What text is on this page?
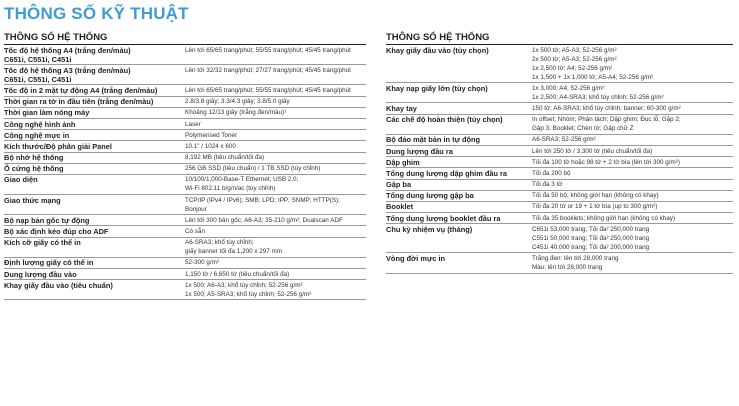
THÔNG SỐ KỸ THUẬT
THÔNG SỐ HỆ THỐNG
Tốc độ hệ thống A4 (trắng đen/màu)
C651i, C551i, C451i	Lên tới 65/65 trang/phút; 55/55 trang/phút; 45/45 trang/phút

Tốc độ hệ thống A3 (trắng đen/màu)
C651i, C551i, C451i	Lên tới 32/32 trang/phút; 27/27 trang/phút; 45/45 trang/phút

Tốc độ in 2 mặt tự động A4 (trắng đen/màu)	Lên tới 65/65 trang/phút; 55/55 trang/phút; 45/45 trang/phút

Thời gian ra tờ in đầu tiên (trắng đen/màu)	2.8/3.8 giây; 3.3/4.3 giây; 3.8/5.0 giây

Thời gian làm nóng máy	Khoảng 12/13 giây (trắng đen/màu)¹

Công nghệ hình ảnh	Laser

Công nghệ mực in	Polymerised Toner

Kích thước/Độ phân giải Panel	10.1" / 1024 x 600

Bộ nhớ hệ thống	8,192 MB (tiêu chuẩn/tối đa)

Ổ cứng hệ thống	256 GB SSD (tiêu chuẩn) / 1 TB SSD (tùy chỉnh)

Giao diện	10/100/1,000-Base-T Ethernet; USB 2.0;
Wi-Fi 802.11 b/g/n/ac (tùy chỉnh)

Giao thức mạng	TCP/IP (IPv4 / IPv6); SMB; LPD; IPP; SNMP; HTTP(S);
Bonjour

Bộ nạp bản gốc tự động	Lên tới 300 bản gốc; A6-A3; 35-210 g/m²; Dualscan ADF

Bộ xác định kéo đúp cho ADF	Có sẵn

Kích cỡ giấy có thể in	A6-SRA3; khổ tùy chỉnh;
giấy banner tối đa 1,200 x 297 mm

Định lượng giấy có thể in	52-300 g/m²

Dung lượng đầu vào	1,150 tờ / 6,650 tờ (tiêu chuẩn/tối đa)

Khay giấy đầu vào (tiêu chuẩn)	1x 500; A6-A3; khổ tùy chỉnh; 52-256 g/m²
1x 500; A5-SRA3; khổ tùy chỉnh; 52-256 g/m²
THÔNG SỐ HỆ THỐNG
Khay giấy đầu vào (tùy chọn)	1x 500 tờ; A5-A3; 52-256 g/m²
2x 500 tờ; A5-A3; 52-256 g/m²
1x 2,500 tờ; A4; 52-256 g/m²
1x 1,500 + 1x 1,000 tờ; A5-A4; 52-256 g/m²

Khay nạp giấy lớn (tùy chọn)	1x 3,000; A4; 52-256 g/m²
1x 2,500; A4-SRA3; khổ tùy chỉnh; 52-256 g/m²

Khay tay	150 tờ; A6-SRA3; khổ tùy chỉnh; banner; 60-300 g/m²

Các chế độ hoàn thiện (tùy chọn)	In offset; Nhóm; Phân tách; Dập ghim; Đục lỗ; Gập 2;
Gập 3; Booklet; Chèn tờ; Gập chữ Z

Bộ đảo mặt bản in tự động	A6-SRA3; 52-256 g/m²

Dung lượng đầu ra	Lên tới 250 tờ / 3,300 tờ (tiêu chuẩn/tối đa)

Dập ghim	Tối đa 100 tờ hoặc 98 tờ + 2 tờ bìa (lên tới 300 g/m²)

Tổng dung lượng dập ghim đầu ra	Tối đa 200 bộ

Gập ba	Tối đa 3 tờ

Tổng dung lượng gập ba	Tối đa 50 bộ; không giới hạn (không có khay)

Booklet	Tối đa 20 tờ or 19 + 1 tờ bìa (up to 300 g/m²)

Tổng dung lượng booklet đầu ra	Tối đa 35 booklets; không giới hạn (không có khay)

Chu kỳ nhiệm vụ (tháng)	C651i 53,000 trang; Tối đa² 250,000 trang
C551i 50,000 trang; Tối đa² 250,000 trang
C451i 40,000 trang; Tối đa² 200,000 trang

Vòng đời mực in	Trắng đen: lên tới 28,000 trang
Màu: lên tới 28,000 trang
